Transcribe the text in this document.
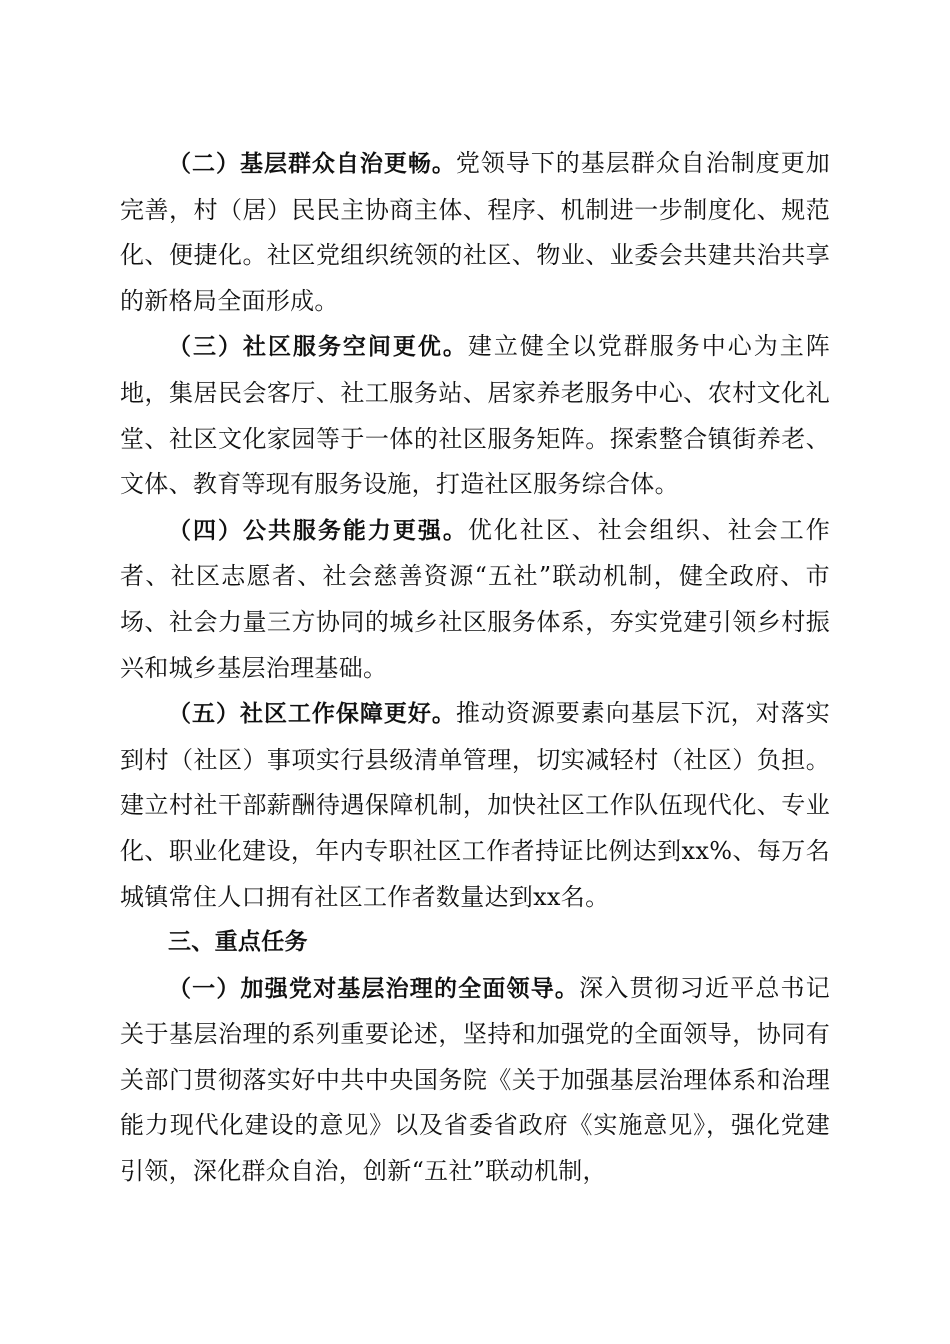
（二）基层群众自治更畅。党领导下的基层群众自治制度更加完善，村（居）民民主协商主体、程序、机制进一步制度化、规范化、便捷化。社区党组织统领的社区、物业、业委会共建共治共享的新格局全面形成。

（三）社区服务空间更优。建立健全以党群服务中心为主阵地，集居民会客厅、社工服务站、居家养老服务中心、农村文化礼堂、社区文化家园等于一体的社区服务矩阵。探索整合镇街养老、文体、教育等现有服务设施，打造社区服务综合体。

（四）公共服务能力更强。优化社区、社会组织、社会工作者、社区志愿者、社会慈善资源“五社”联动机制，健全政府、市场、社会力量三方协同的城乡社区服务体系，夯实党建引领乡村振兴和城乡基层治理基础。

（五）社区工作保障更好。推动资源要素向基层下沉，对落实到村（社区）事项实行县级清单管理，切实减轻村（社区）负担。建立村社干部薪酬待遇保障机制，加快社区工作队伍现代化、专业化、职业化建设，年内专职社区工作者持证比例达到xx%、每万名城镇常住人口拥有社区工作者数量达到xx名。

三、重点任务

（一）加强党对基层治理的全面领导。深入贯彻习近平总书记关于基层治理的系列重要论述，坚持和加强党的全面领导，协同有关部门贯彻落实好中共中央国务院《关于加强基层治理体系和治理能力现代化建设的意见》以及省委省政府《实施意见》，强化党建引领，深化群众自治，创新“五社”联动机制，
